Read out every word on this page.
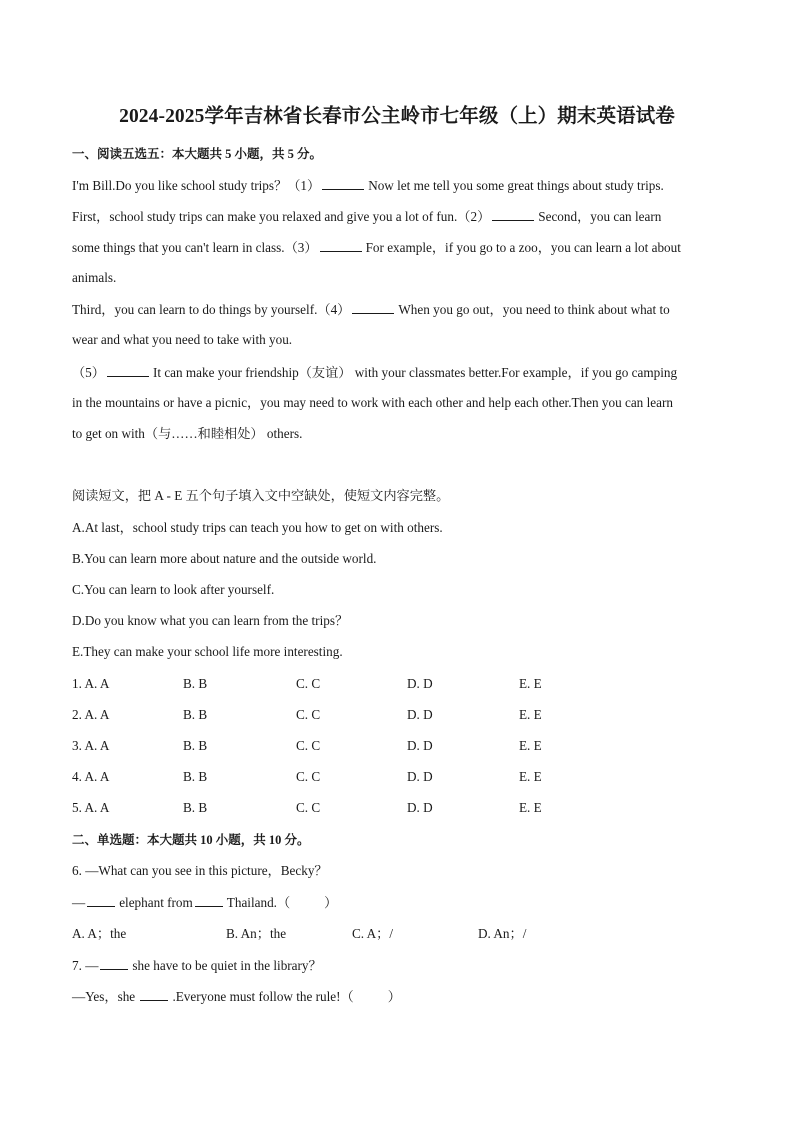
2024-2025学年吉林省长春市公主岭市七年级（上）期末英语试卷
一、阅读五选五：本大题共 5 小题，共 5 分。
I'm Bill.Do you like school study trips？（1）	Now let me tell you some great things about study trips.
First，school study trips can make you relaxed and give you a lot of fun.（2）	Second，you can learn
some things that you can't learn in class.（3）	For example，if you go to a zoo，you can learn a lot about
animals.
Third，you can learn to do things by yourself.（4）	When you go out，you need to think about what to
wear and what you need to take with you.
（5）	It can make your friendship（友谊） with your classmates better.For example，if you go camping
in the mountains or have a picnic，you may need to work with each other and help each other.Then you can learn
to get on with（与……和睦相处） others.
阅读短文，把 A - E 五个句子填入文中空缺处，使短文内容完整。
A.At last，school study trips can teach you how to get on with others.
B.You can learn more about nature and the outside world.
C.You can learn to look after yourself.
D.Do you know what you can learn from the trips？
E.They can make your school life more interesting.
1. A. A	B. B	C. C	D. D	E. E
2. A. A	B. B	C. C	D. D	E. E
3. A. A	B. B	C. C	D. D	E. E
4. A. A	B. B	C. C	D. D	E. E
5. A. A	B. B	C. C	D. D	E. E
二、单选题：本大题共 10 小题，共 10 分。
6. —What can you see in this picture，Becky？
—	elephant from	Thailand.（	）
A. A；the	B. An；the	C. A；/	D. An；/
7. —	she have to be quiet in the library？
—Yes，she	.Everyone must follow the rule!（	）
